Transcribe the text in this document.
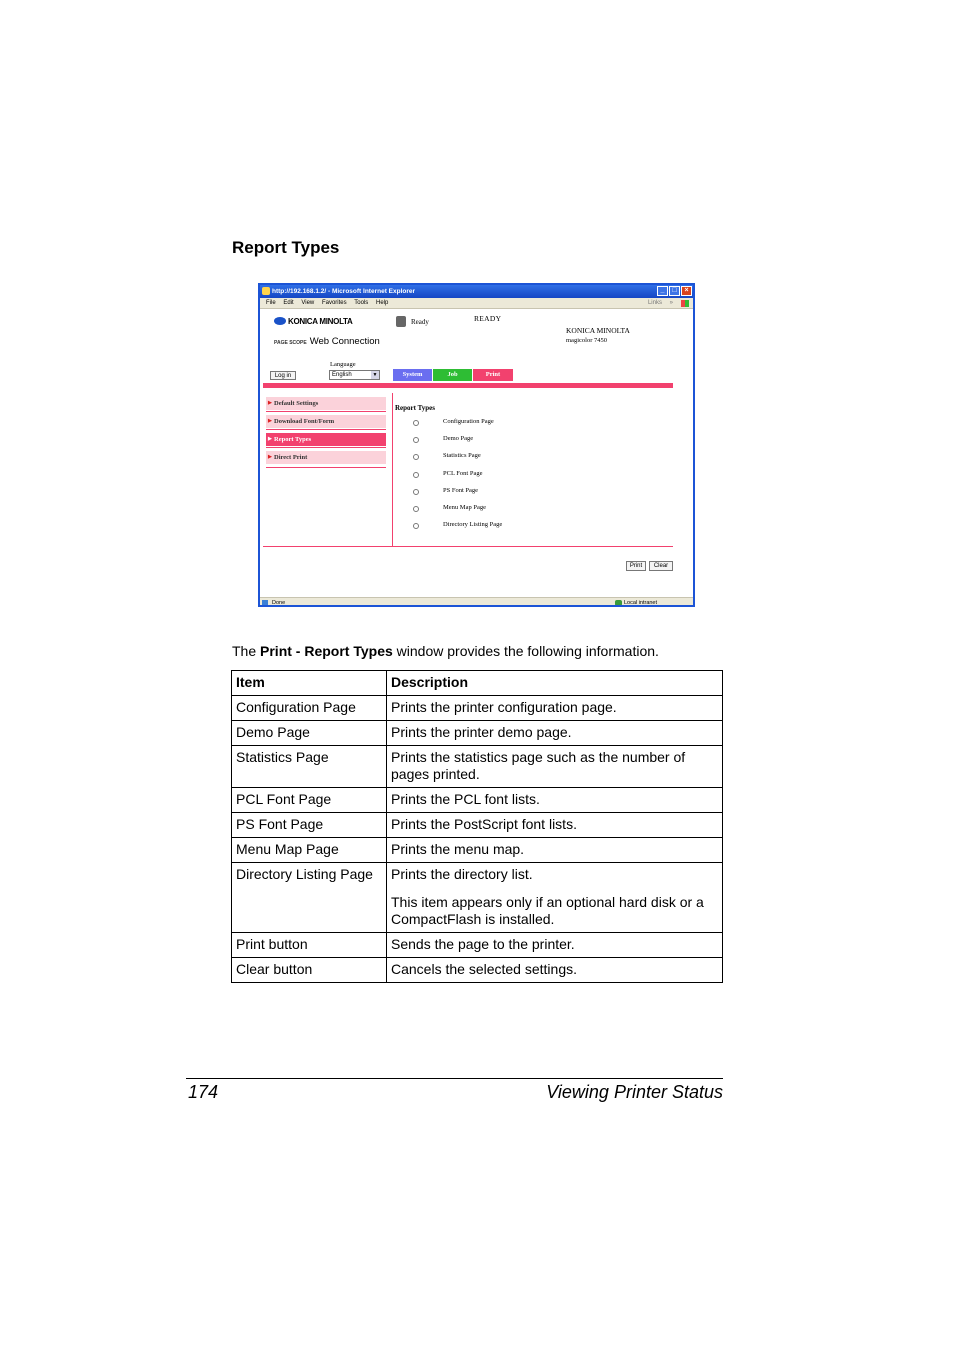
Report Types
http://192.168.1.2/ - Microsoft Internet Explorer	_	□	×
File Edit View Favorites Tools Help	Links »
KONICA MINOLTA
PAGE SCOPE Web Connection
Ready	READY
KONICA MINOLTA
magicolor 7450
Language
Log in	English	▼	System	Job	Print
▶ Default Settings
▶ Download Font/Form
▶ Report Types
▶ Direct Print
Report Types
Configuration Page
Demo Page
Statistics Page
PCL Font Page
PS Font Page
Menu Map Page
Directory Listing Page
Print	Clear
Done	Local intranet
The Print - Report Types window provides the following information.
Item	Description
Configuration Page	Prints the printer configuration page.

Demo Page	Prints the printer demo page.

Statistics Page	Prints the statistics page such as the number of pages printed.

PCL Font Page	Prints the PCL font lists.

PS Font Page	Prints the PostScript font lists.

Menu Map Page	Prints the menu map.

Directory Listing Page	Prints the directory list.

This item appears only if an optional hard disk or a CompactFlash is installed.

Print button	Sends the page to the printer.

Clear button	Cancels the selected settings.

174	Viewing Printer Status
